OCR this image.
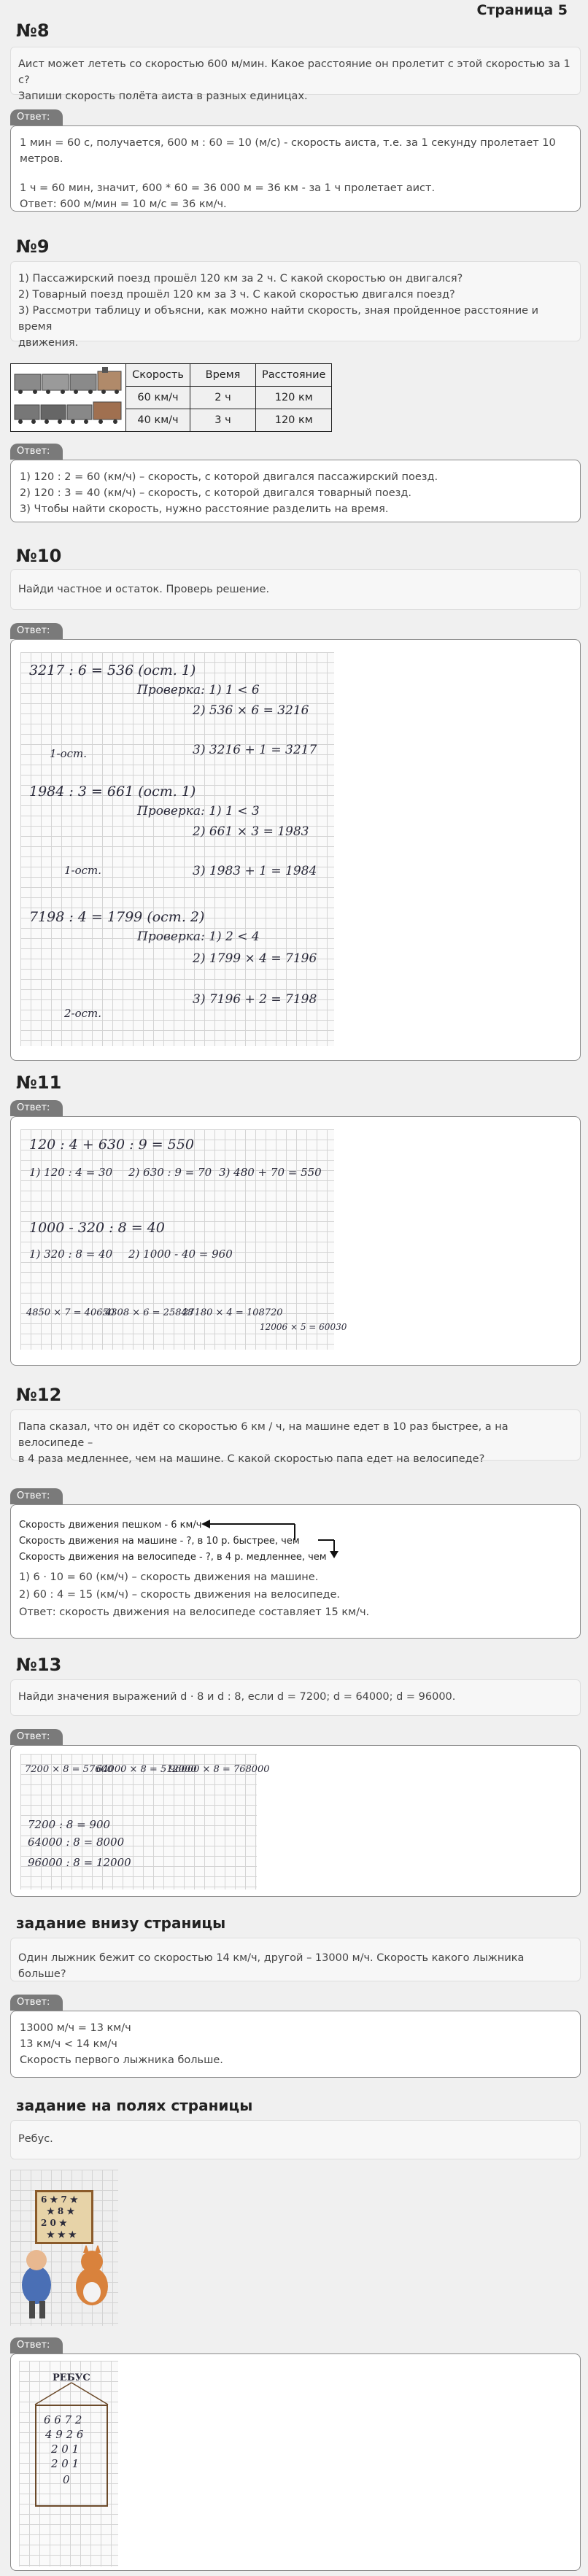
Страница 5
№8
Аист может лететь со скоростью 600 м/мин. Какое расстояние он пролетит с этой скоростью за 1 с?
Запиши скорость полёта аиста в разных единицах.
Ответ:
1 мин = 60 с, получается, 600 м : 60 = 10 (м/с) - скорость аиста, т.е. за 1 секунду пролетает 10 метров.
1 ч = 60 мин, значит, 600 * 60 = 36 000 м = 36 км - за 1 ч пролетает аист.
Ответ: 600 м/мин = 10 м/с = 36 км/ч.
№9
1) Пассажирский поезд прошёл 120 км за 2 ч. С какой скоростью он двигался?
2) Товарный поезд прошёл 120 км за 3 ч. С какой скоростью двигался поезд?
3) Рассмотри таблицу и объясни, как можно найти скорость, зная пройденное расстояние и время
движения.
	Скорость	Время	Расстояние
	60 км/ч	2 ч	120 км
	40 км/ч	3 ч	120 км
Ответ:
1) 120 : 2 = 60 (км/ч) – скорость, с которой двигался пассажирский поезд.
2) 120 : 3 = 40 (км/ч) – скорость, с которой двигался товарный поезд.
3) Чтобы найти скорость, нужно расстояние разделить на время.
№10
Найди частное и остаток. Проверь решение.
Ответ:
3217 : 6 = 536 (ост. 1)
Проверка: 1) 1 < 6
2) 536 × 6 = 3216
3) 3216 + 1 = 3217
1-ост.
1984 : 3 = 661 (ост. 1)
Проверка: 1) 1 < 3
2) 661 × 3 = 1983
3) 1983 + 1 = 1984
1-ост.
7198 : 4 = 1799 (ост. 2)
Проверка: 1) 2 < 4
2) 1799 × 4 = 7196
3) 7196 + 2 = 7198
2-ост.
№11
Ответ:
120 : 4 + 630 : 9 = 550
1) 120 : 4 = 30 2) 630 : 9 = 70 3) 480 + 70 = 550
1000 - 320 : 8 = 40
1) 320 : 8 = 40 2) 1000 - 40 = 960
4850 × 7 = 40650
4308 × 6 = 25848
27180 × 4 = 108720
12006 × 5 = 60030
№12
Папа сказал, что он идёт со скоростью 6 км / ч, на машине едет в 10 раз быстрее, а на велосипеде –
в 4 раза медленнее, чем на машине. С какой скоростью папа едет на велосипеде?
Ответ:
Скорость движения пешком - 6 км/ч
Скорость движения на машине - ?, в 10 р. быстрее, чем
Скорость движения на велосипеде - ?, в 4 р. медленнее, чем
1) 6 · 10 = 60 (км/ч) – скорость движения на машине.
2) 60 : 4 = 15 (км/ч) – скорость движения на велосипеде.
Ответ: скорость движения на велосипеде составляет 15 км/ч.
№13
Найди значения выражений d · 8 и d : 8, если d = 7200; d = 64000; d = 96000.
Ответ:
7200 × 8 = 57600
64000 × 8 = 512000
96000 × 8 = 768000
7200 : 8 = 900
64000 : 8 = 8000
96000 : 8 = 12000
задание внизу страницы
Один лыжник бежит со скоростью 14 км/ч, другой – 13000 м/ч. Скорость какого лыжника больше?
Ответ:
13000 м/ч = 13 км/ч
13 км/ч < 14 км/ч
Скорость первого лыжника больше.
задание на полях страницы
Ребус.
6 ★ 7 ★
★ 8 ★
2 0 ★
★ ★ ★
Ответ:
РЕБУС
6 6 7 2
4 9 2 6
2 0 1
2 0 1
0
